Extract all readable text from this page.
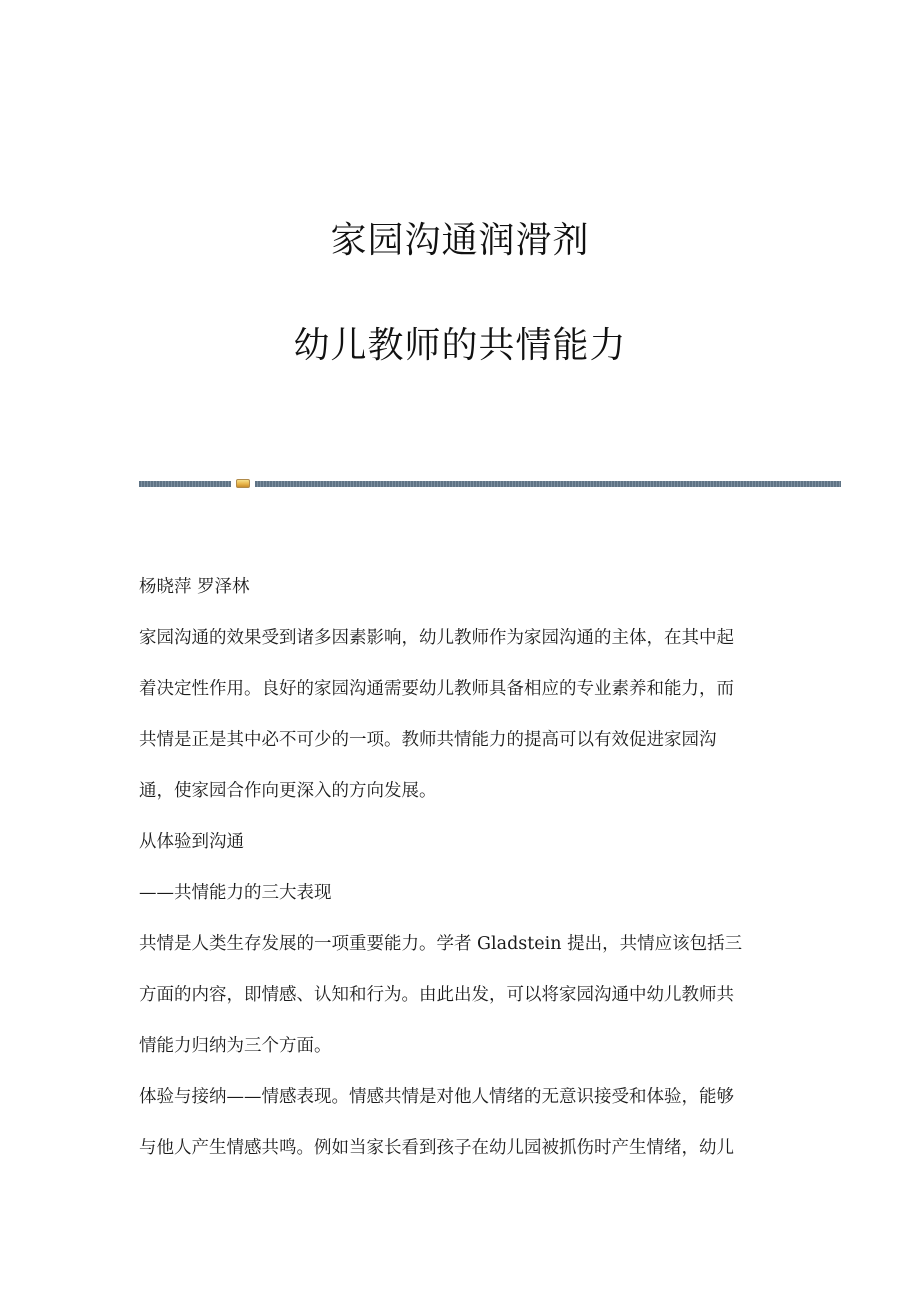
家园沟通润滑剂
幼儿教师的共情能力
杨晓萍 罗泽林
家园沟通的效果受到诸多因素影响，幼儿教师作为家园沟通的主体，在其中起
着决定性作用。良好的家园沟通需要幼儿教师具备相应的专业素养和能力，而
共情是正是其中必不可少的一项。教师共情能力的提高可以有效促进家园沟
通，使家园合作向更深入的方向发展。
从体验到沟通
——共情能力的三大表现
共情是人类生存发展的一项重要能力。学者 Gladstein 提出，共情应该包括三
方面的内容，即情感、认知和行为。由此出发，可以将家园沟通中幼儿教师共
情能力归纳为三个方面。
体验与接纳——情感表现。情感共情是对他人情绪的无意识接受和体验，能够
与他人产生情感共鸣。例如当家长看到孩子在幼儿园被抓伤时产生情绪，幼儿
